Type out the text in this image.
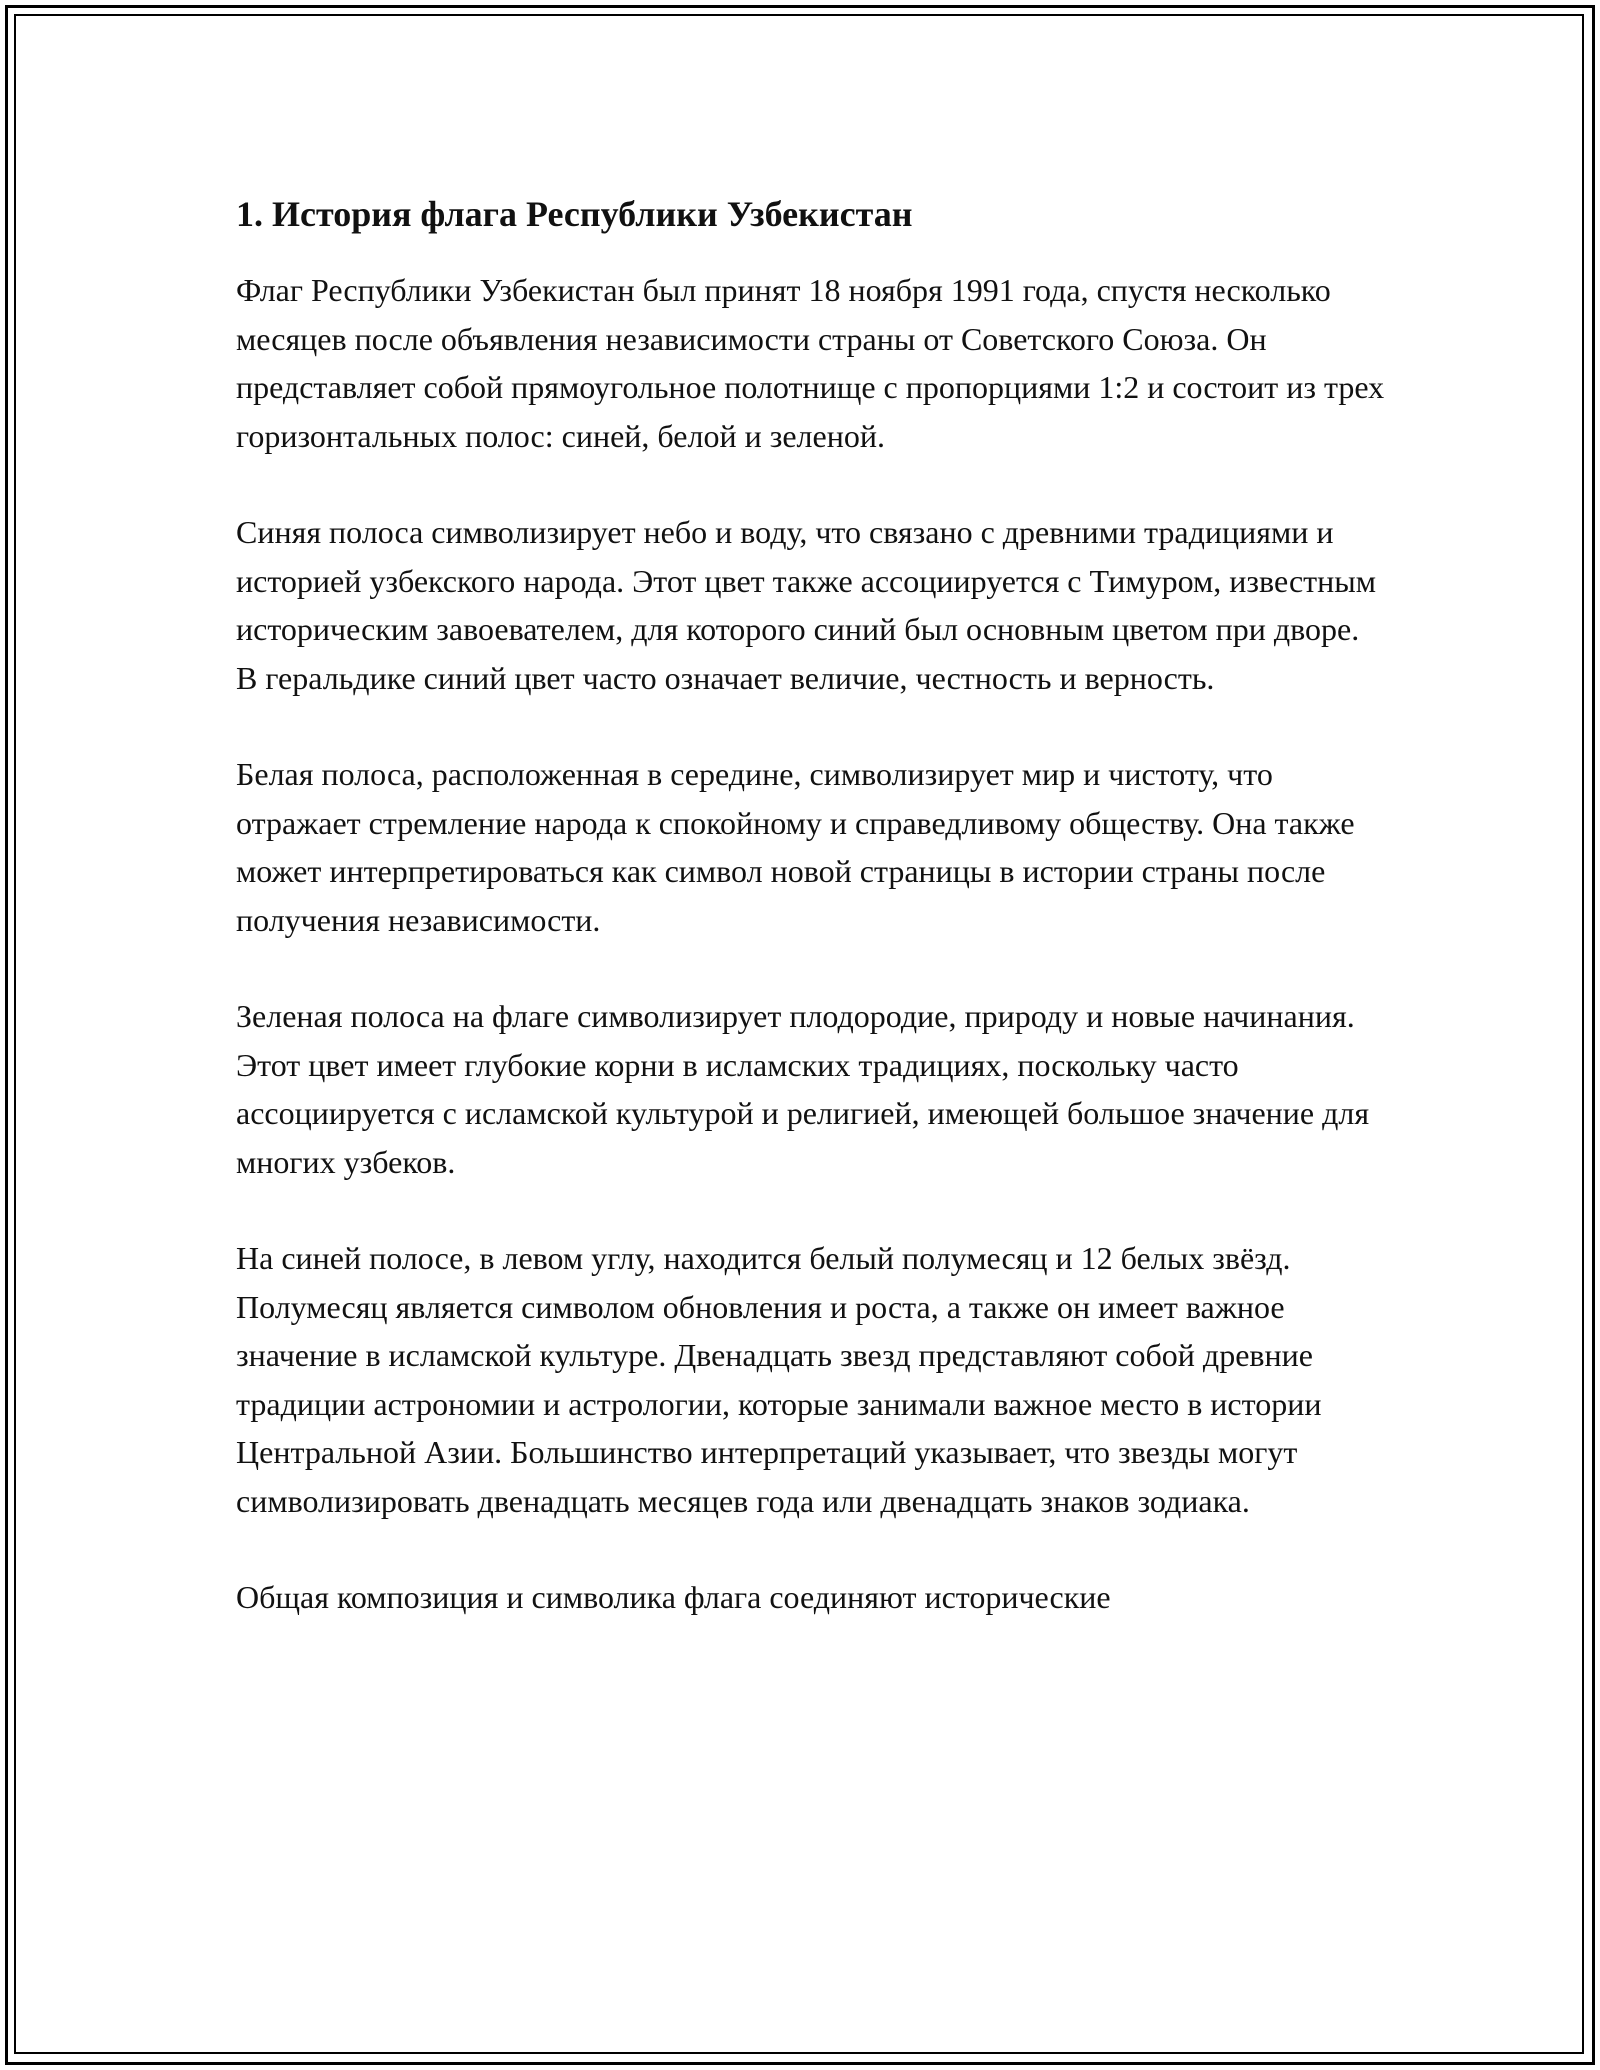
1. История флага Республики Узбекистан

Флаг Республики Узбекистан был принят 18 ноября 1991 года, спустя несколько месяцев после объявления независимости страны от Советского Союза. Он представляет собой прямоугольное полотнище с пропорциями 1:2 и состоит из трех горизонтальных полос: синей, белой и зеленой.

Синяя полоса символизирует небо и воду, что связано с древними традициями и историей узбекского народа. Этот цвет также ассоциируется с Тимуром, известным историческим завоевателем, для которого синий был основным цветом при дворе. В геральдике синий цвет часто означает величие, честность и верность.

Белая полоса, расположенная в середине, символизирует мир и чистоту, что отражает стремление народа к спокойному и справедливому обществу. Она также может интерпретироваться как символ новой страницы в истории страны после получения независимости.

Зеленая полоса на флаге символизирует плодородие, природу и новые начинания. Этот цвет имеет глубокие корни в исламских традициях, поскольку часто ассоциируется с исламской культурой и религией, имеющей большое значение для многих узбеков.

На синей полосе, в левом углу, находится белый полумесяц и 12 белых звёзд. Полумесяц является символом обновления и роста, а также он имеет важное значение в исламской культуре. Двенадцать звезд представляют собой древние традиции астрономии и астрологии, которые занимали важное место в истории Центральной Азии. Большинство интерпретаций указывает, что звезды могут символизировать двенадцать месяцев года или двенадцать знаков зодиака.

Общая композиция и символика флага соединяют исторические
